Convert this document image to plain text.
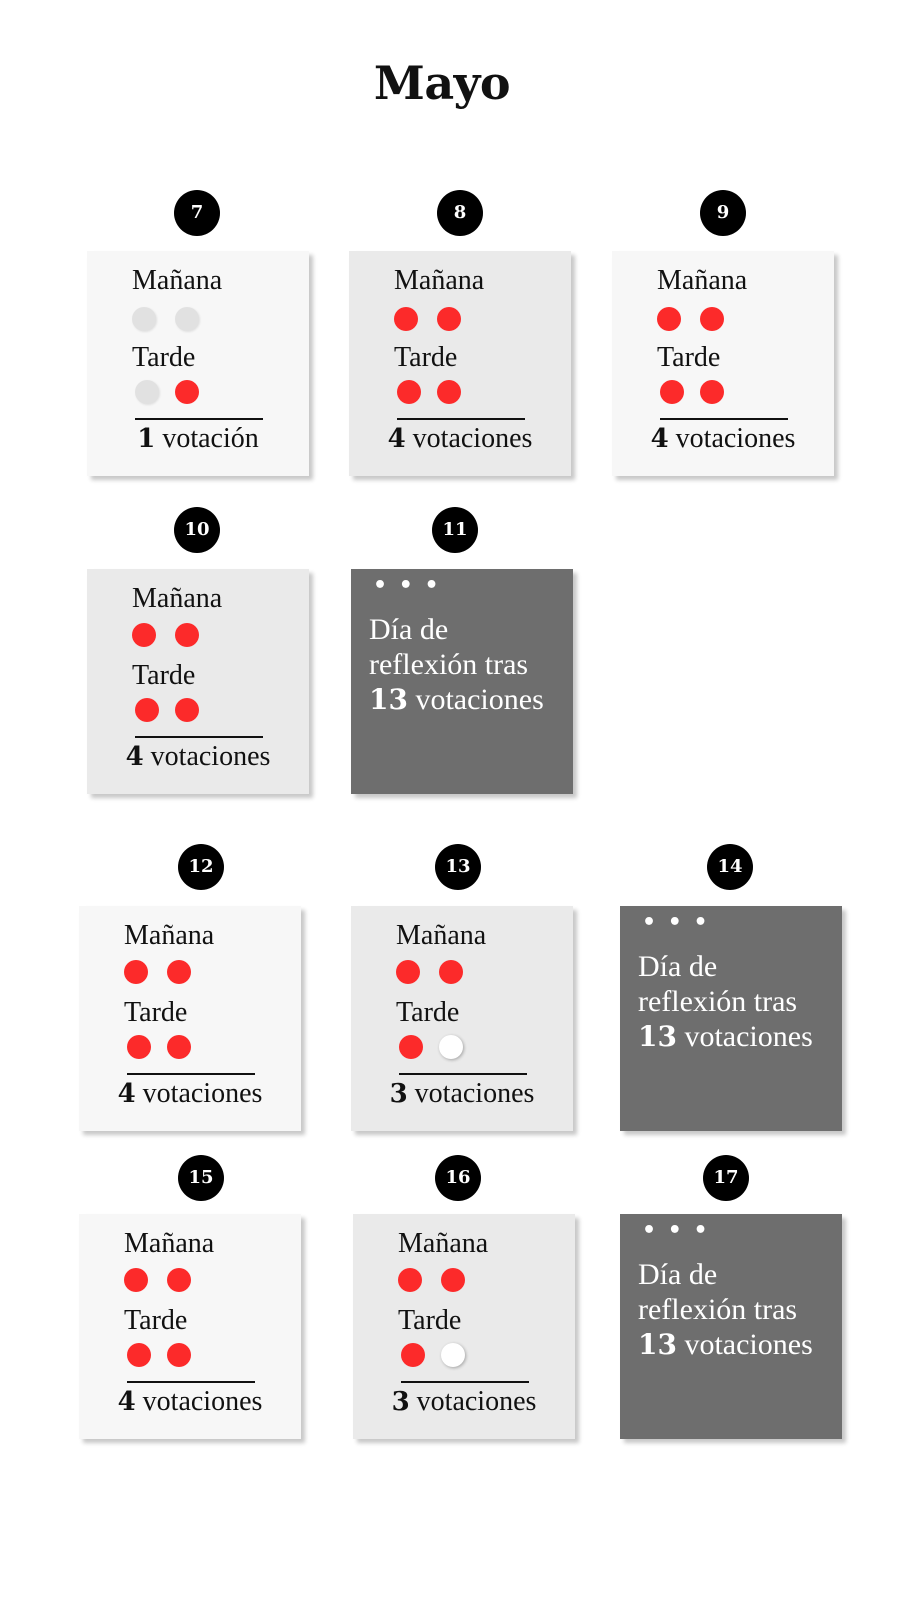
Mayo
7
Mañana
Tarde
1 votación
8
Mañana
Tarde
4 votaciones
9
Mañana
Tarde
4 votaciones
10
Mañana
Tarde
4 votaciones
11
• • •
Día de
reflexión tras
13 votaciones
12
Mañana
Tarde
4 votaciones
13
Mañana
Tarde
3 votaciones
14
• • •
Día de
reflexión tras
13 votaciones
15
Mañana
Tarde
4 votaciones
16
Mañana
Tarde
3 votaciones
17
• • •
Día de
reflexión tras
13 votaciones
